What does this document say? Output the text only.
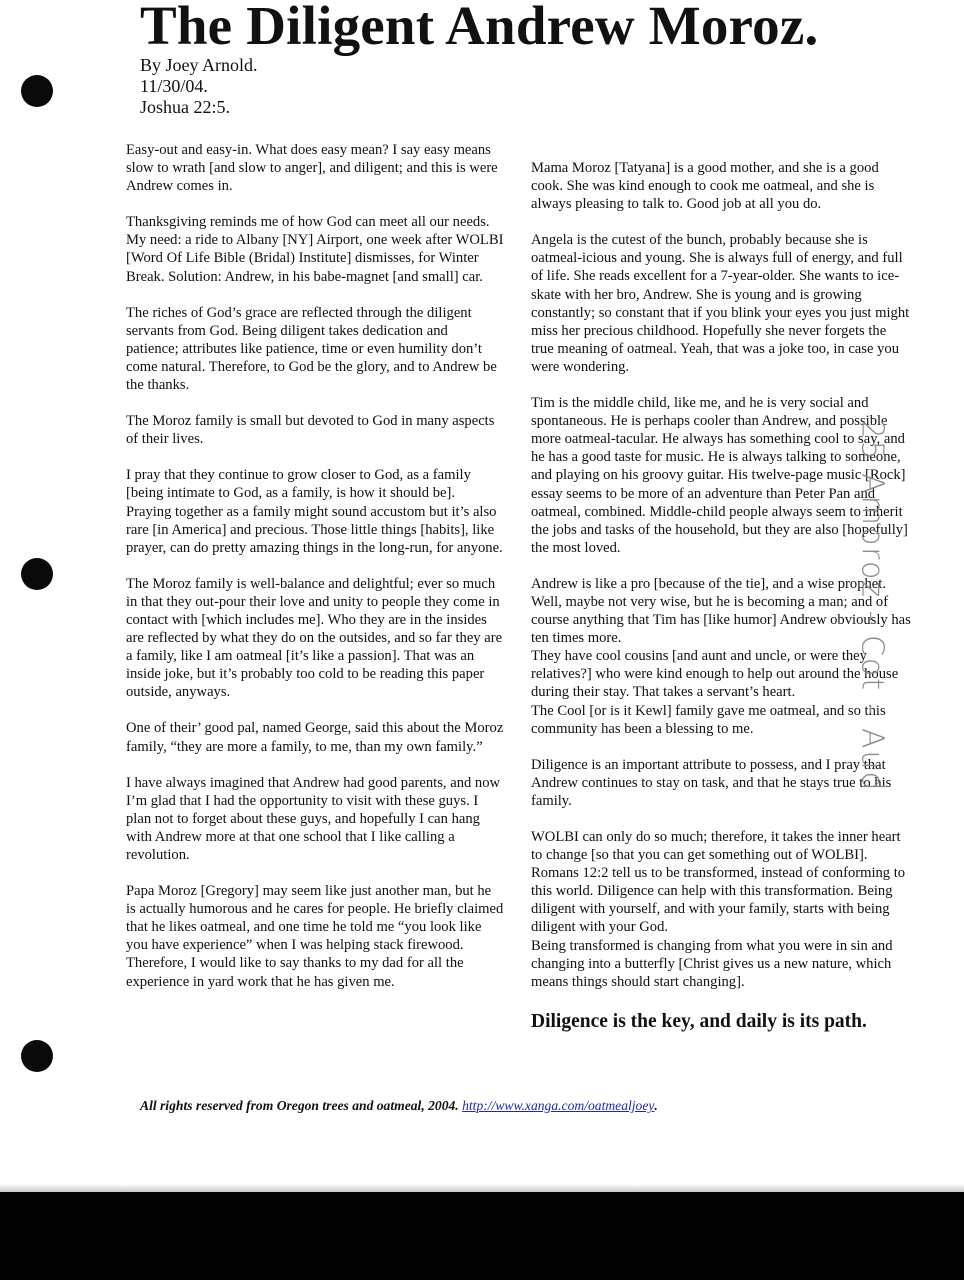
The Diligent Andrew Moroz.
By Joey Arnold.
11/30/04.
Joshua 22:5.

Easy-out and easy-in. What does easy mean? I say easy means slow to wrath [and slow to anger], and diligent; and this is were Andrew comes in.

Thanksgiving reminds me of how God can meet all our needs. My need: a ride to Albany [NY] Airport, one week after WOLBI [Word Of Life Bible (Bridal) Institute] dismisses, for Winter Break. Solution: Andrew, in his babe-magnet [and small] car.

The riches of God’s grace are reflected through the diligent servants from God. Being diligent takes dedication and patience; attributes like patience, time or even humility don’t come natural. Therefore, to God be the glory, and to Andrew be the thanks.

The Moroz family is small but devoted to God in many aspects of their lives.

I pray that they continue to grow closer to God, as a family [being intimate to God, as a family, is how it should be]. Praying together as a family might sound accustom but it’s also rare [in America] and precious. Those little things [habits], like prayer, can do pretty amazing things in the long-run, for anyone.

The Moroz family is well-balance and delightful; ever so much in that they out-pour their love and unity to people they come in contact with [which includes me]. Who they are in the insides are reflected by what they do on the outsides, and so far they are a family, like I am oatmeal [it’s like a passion]. That was an inside joke, but it’s probably too cold to be reading this paper outside, anyways.

One of their’ good pal, named George, said this about the Moroz family, “they are more a family, to me, than my own family.”

I have always imagined that Andrew had good parents, and now I’m glad that I had the opportunity to visit with these guys. I plan not to forget about these guys, and hopefully I can hang with Andrew more at that one school that I like calling a revolution.

Papa Moroz [Gregory] may seem like just another man, but he is actually humorous and he cares for people. He briefly claimed that he likes oatmeal, and one time he told me “you look like you have experience” when I was helping stack firewood. Therefore, I would like to say thanks to my dad for all the experience in yard work that he has given me.

Mama Moroz [Tatyana] is a good mother, and she is a good cook. She was kind enough to cook me oatmeal, and she is always pleasing to talk to. Good job at all you do.

Angela is the cutest of the bunch, probably because she is oatmeal-icious and young. She is always full of energy, and full of life. She reads excellent for a 7-year-older. She wants to ice-skate with her bro, Andrew. She is young and is growing constantly; so constant that if you blink your eyes you just might miss her precious childhood. Hopefully she never forgets the true meaning of oatmeal. Yeah, that was a joke too, in case you were wondering.

Tim is the middle child, like me, and he is very social and spontaneous. He is perhaps cooler than Andrew, and possible more oatmeal-tacular. He always has something cool to say, and he has a good taste for music. He is always talking to someone, and playing on his groovy guitar. His twelve-page music [Rock] essay seems to be more of an adventure than Peter Pan and oatmeal, combined. Middle-child people always seem to inherit the jobs and tasks of the household, but they are also [hopefully] the most loved.

Andrew is like a pro [because of the tie], and a wise prophet. Well, maybe not very wise, but he is becoming a man; and of course anything that Tim has [like humor] Andrew obviously has ten times more.

They have cool cousins [and aunt and uncle, or were they relatives?] who were kind enough to help out around the house during their stay. That takes a servant’s heart.

The Cool [or is it Kewl] family gave me oatmeal, and so this community has been a blessing to me.

Diligence is an important attribute to possess, and I pray that Andrew continues to stay on task, and that he stays true to his family.

WOLBI can only do so much; therefore, it takes the inner heart to change [so that you can get something out of WOLBI].

Romans 12:2 tell us to be transformed, instead of conforming to this world. Diligence can help with this transformation. Being diligent with yourself, and with your family, starts with being diligent with your God.

Being transformed is changing from what you were in sin and changing into a butterfly [Christ gives us a new nature, which means things should start changing].

Diligence is the key, and daily is its path.
All rights reserved from Oregon trees and oatmeal, 2004. http://www.xanga.com/oatmealjoey.
25 Amoroz - Cot - Aud
